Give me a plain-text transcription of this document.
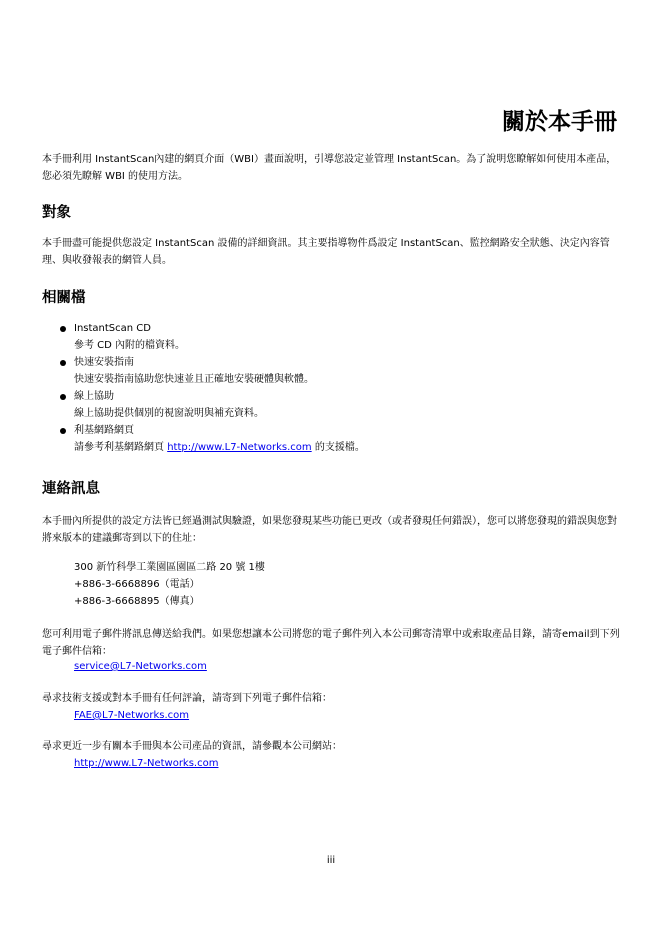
關於本手冊

本手冊利用 InstantScan內建的網頁介面（WBI）畫面說明，引導您設定並管理 InstantScan。為了說明您瞭解如何使用本產品，您必須先瞭解 WBI 的使用方法。

對象

本手冊盡可能提供您設定 InstantScan 設備的詳細資訊。其主要指導物件爲設定 InstantScan、監控網路安全狀態、決定內容管理、與收發報表的網管人員。

相關檔
InstantScan CD
參考 CD 內附的檔資料。
快速安裝指南
快速安裝指南協助您快速並且正確地安裝硬體與軟體。
線上協助
線上協助提供個別的視窗說明與補充資料。
利基網路網頁
請參考利基網路網頁 http://www.L7-Networks.com 的支援檔。
連絡訊息

本手冊內所提供的設定方法皆已經過測試與驗證，如果您發現某些功能已更改（或者發現任何錯誤），您可以將您發現的錯誤與您對將來版本的建議郵寄到以下的住址：

300 新竹科學工業園區園區二路 20 號 1樓

+886-3-6668896（電話）

+886-3-6668895（傳真）

您可利用電子郵件將訊息傳送給我們。如果您想讓本公司將您的電子郵件列入本公司郵寄清單中或索取產品目錄，請寄email到下列電子郵件信箱：

service@L7-Networks.com

尋求技術支援或對本手冊有任何評論，請寄到下列電子郵件信箱：

FAE@L7-Networks.com

尋求更近一步有關本手冊與本公司產品的資訊，請參觀本公司網站：

http://www.L7-Networks.com
iii
